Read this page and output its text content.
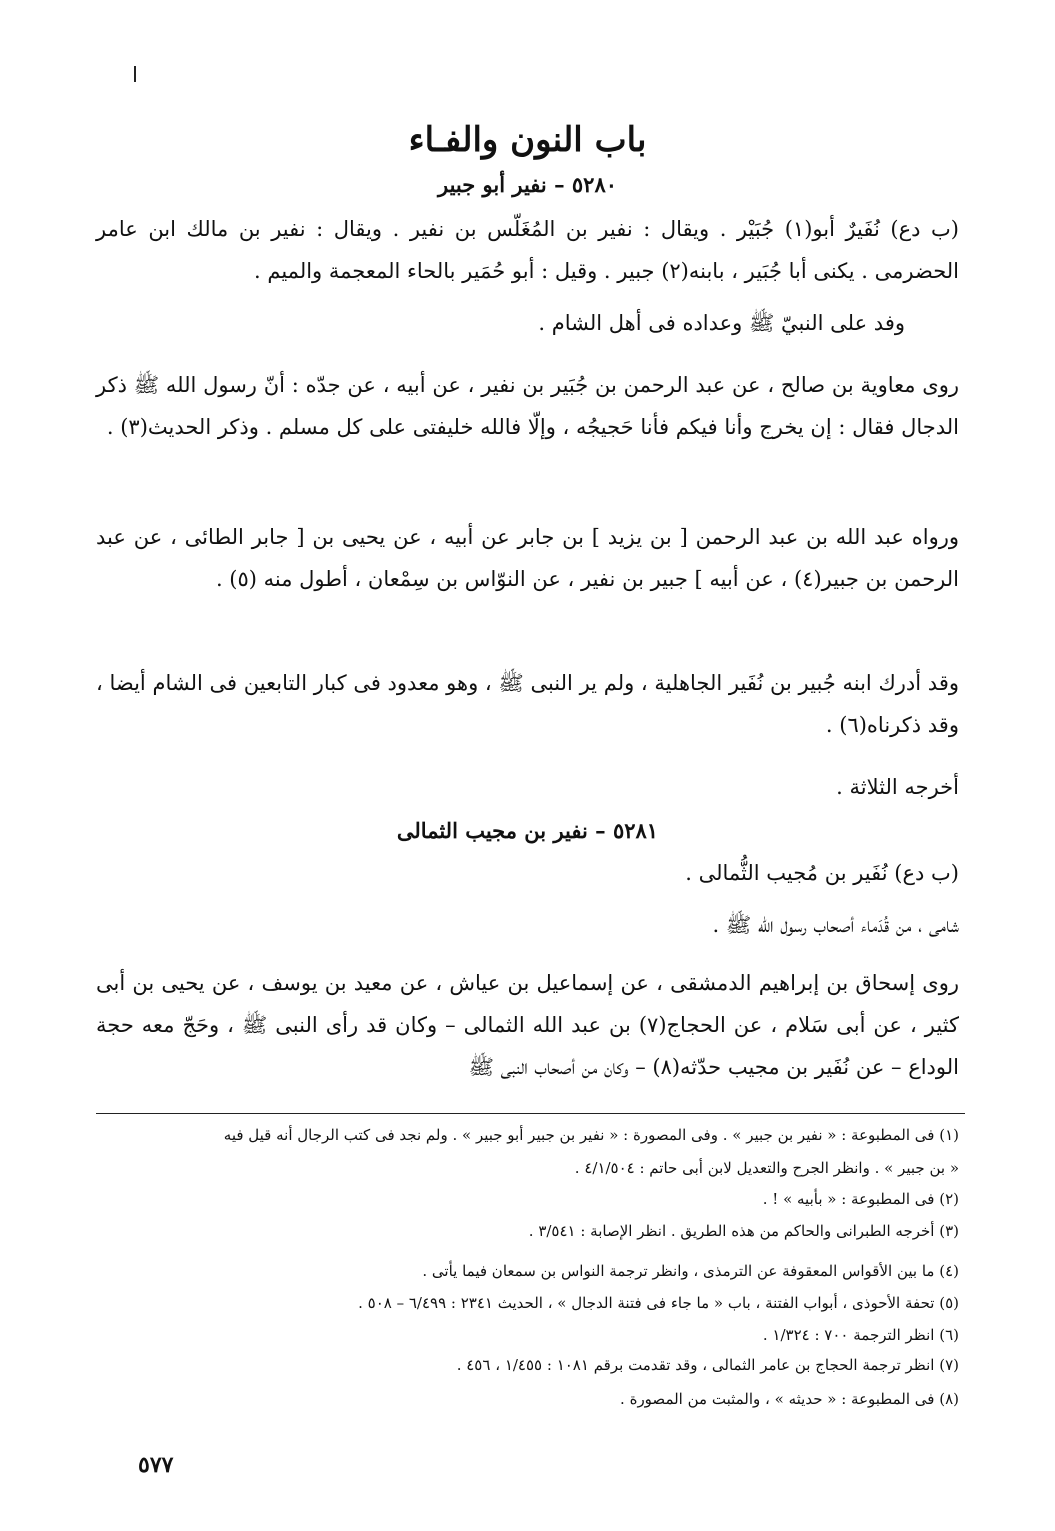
باب النون والفـاء
٥٢٨٠ – نفير أبو جبير
(ب دع) نُفَيرٌ أبو(١) جُبَيْر . ويقال : نفير بن المُغَلّس بن نفير . ويقال : نفير بن مالك ابن عامر الحضرمى . يكنى أبا جُبَير ، بابنه(٢) جبير . وقيل : أبو حُمَير بالحاء المعجمة والميم .
وفد على النبيّ ﷺ وعداده فى أهل الشام .
روى معاوية بن صالح ، عن عبد الرحمن بن جُبَير بن نفير ، عن أبيه ، عن جدّه : أنّ رسول الله ﷺ ذكر الدجال فقال : إن يخرج وأنا فيكم فأنا حَجيجُه ، وإلّا فالله خليفتى على كل مسلم . وذكر الحديث(٣) .
ورواه عبد الله بن عبد الرحمن [ بن يزيد ] بن جابر عن أبيه ، عن يحيى بن [ جابر الطائى ، عن عبد الرحمن بن جبير(٤) ، عن أبيه ] جبير بن نفير ، عن النوّاس بن سِمْعان ، أطول منه (٥) .
وقد أدرك ابنه جُبير بن نُفَير الجاهلية ، ولم ير النبى ﷺ ، وهو معدود فى كبار التابعين فى الشام أيضا ، وقد ذكرناه(٦) .
أخرجه الثلاثة .
٥٢٨١ – نفير بن مجيب الثمالى
(ب دع) نُفَير بن مُجيب الثُّمالى .
شامى ، من قُدَماء أصحاب رسول الله ﷺ .
روى إسحاق بن إبراهيم الدمشقى ، عن إسماعيل بن عياش ، عن معيد بن يوسف ، عن يحيى بن أبى كثير ، عن أبى سَلام ، عن الحجاج(٧) بن عبد الله الثمالى – وكان قد رأى النبى ﷺ ، وحَجّ معه حجة الوداع – عن نُفَير بن مجيب حدّثه(٨) – وكان من أصحاب النبى ﷺ
(١) فى المطبوعة : « نفير بن جبير » . وفى المصورة : « نفير بن جبير أبو جبير » . ولم نجد فى كتب الرجال أنه قيل فيه
« بن جبير » . وانظر الجرح والتعديل لابن أبى حاتم : ٤/١/٥٠٤ .
(٢) فى المطبوعة : « بأبيه » ! .
(٣) أخرجه الطبرانى والحاكم من هذه الطريق . انظر الإصابة : ٣/٥٤١ .
(٤) ما بين الأقواس المعقوفة عن الترمذى ، وانظر ترجمة النواس بن سمعان فيما يأتى .
(٥) تحفة الأحوذى ، أبواب الفتنة ، باب « ما جاء فى فتنة الدجال » ، الحديث ٢٣٤١ : ٦/٤٩٩ – ٥٠٨ .
(٦) انظر الترجمة ٧٠٠ : ١/٣٢٤ .
(٧) انظر ترجمة الحجاج بن عامر الثمالى ، وقد تقدمت برقم ١٠٨١ : ١/٤٥٥ ، ٤٥٦ .
(٨) فى المطبوعة : « حديثه » ، والمثبت من المصورة .
٥٧٧
